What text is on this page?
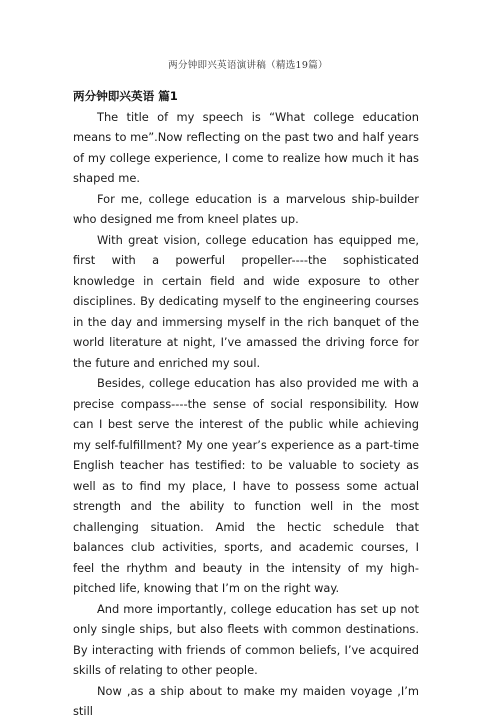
两分钟即兴英语演讲稿（精选19篇）

两分钟即兴英语 篇1

The title of my speech is “What college education means to me”.Now reflecting on the past two and half years of my college experience, I come to realize how much it has shaped me.

For me, college education is a marvelous ship-builder who designed me from kneel plates up.

With great vision, college education has equipped me, first with a powerful propeller----the sophisticated knowledge in certain field and wide exposure to other disciplines. By dedicating myself to the engineering courses in the day and immersing myself in the rich banquet of the world literature at night, I’ve amassed the driving force for the future and enriched my soul.

Besides, college education has also provided me with a precise compass----the sense of social responsibility. How can I best serve the interest of the public while achieving my self-fulfillment? My one year’s experience as a part-time English teacher has testified: to be valuable to society as well as to find my place, I have to possess some actual strength and the ability to function well in the most challenging situation. Amid the hectic schedule that balances club activities, sports, and academic courses, I feel the rhythm and beauty in the intensity of my high-pitched life, knowing that I’m on the right way.

And more importantly, college education has set up not only single ships, but also fleets with common destinations. By interacting with friends of common beliefs, I’ve acquired skills of relating to other people.

Now ,as a ship about to make my maiden voyage ,I’m still
